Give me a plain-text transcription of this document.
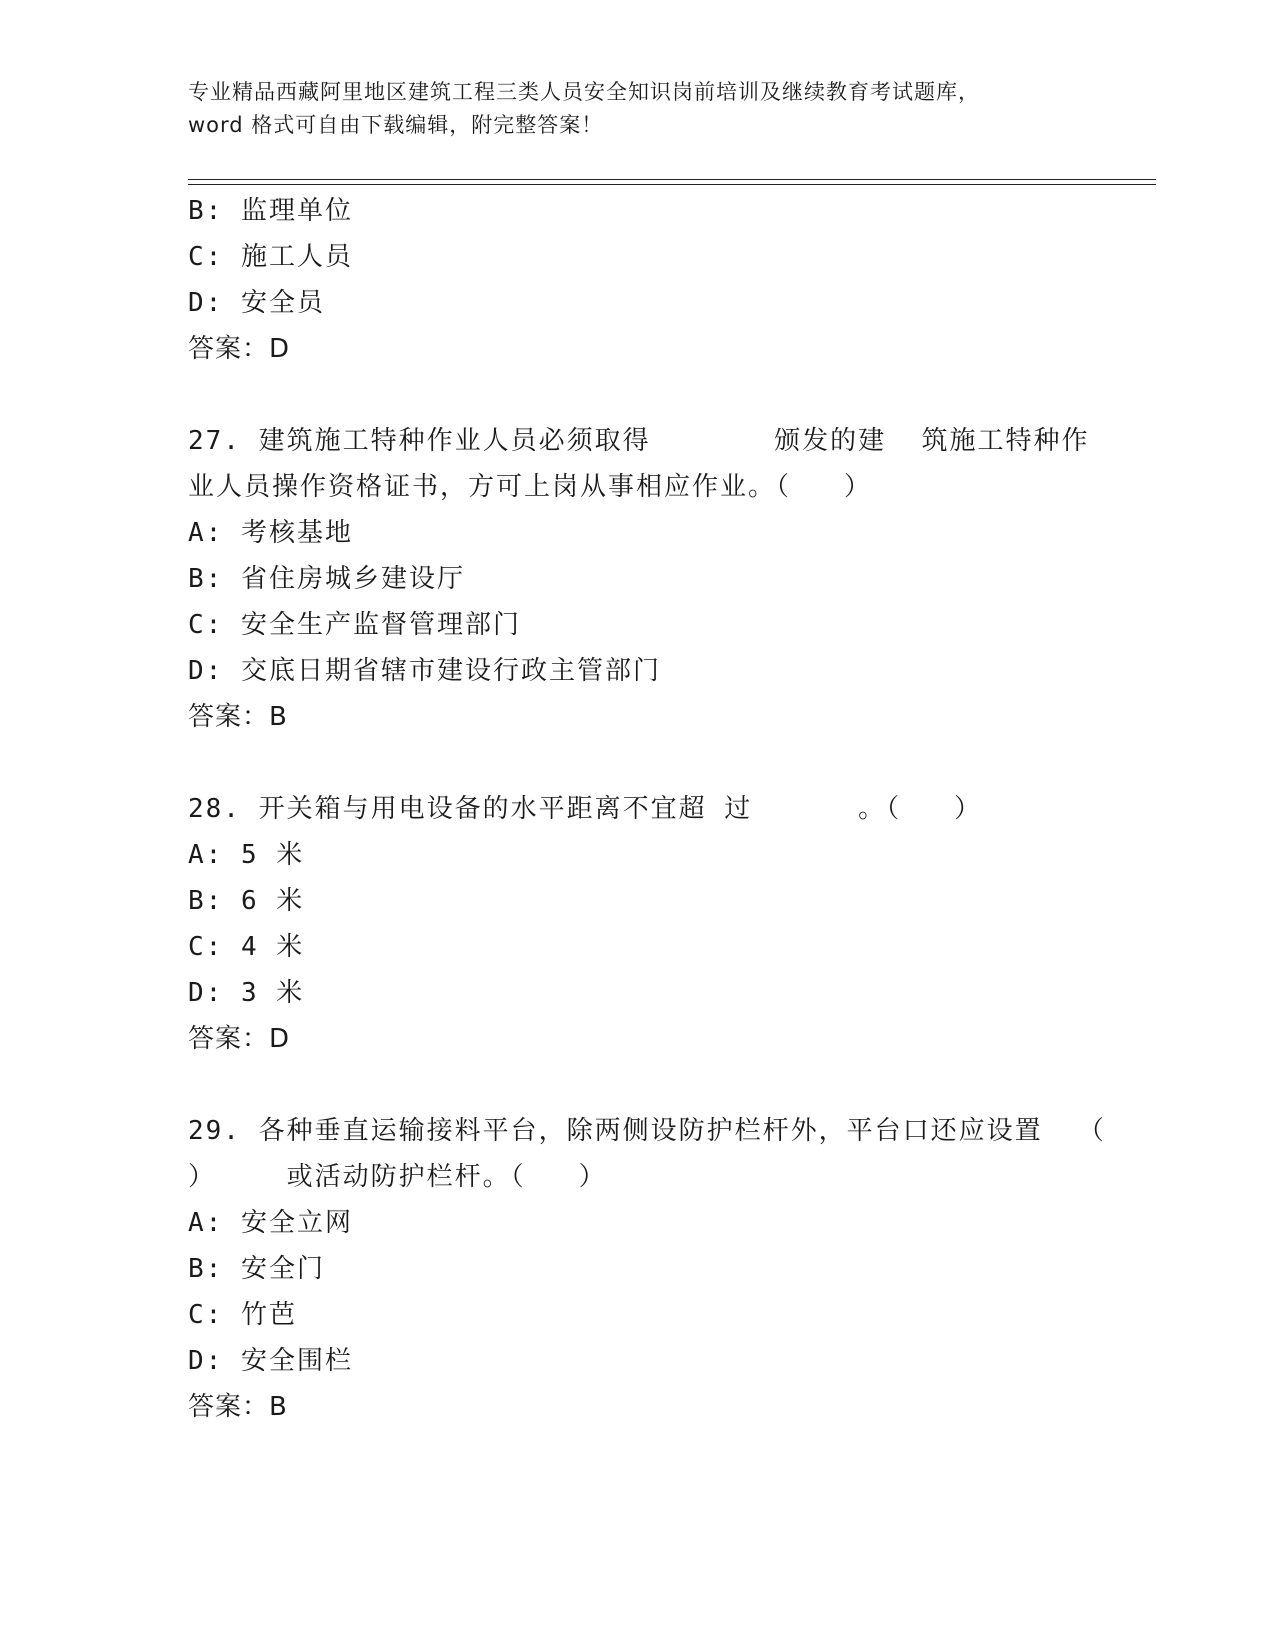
专业精品西藏阿里地区建筑工程三类人员安全知识岗前培训及继续教育考试题库，
word 格式可自由下载编辑，附完整答案！
B: 监理单位
C: 施工人员
D: 安全员
答案：D
27. 建筑施工特种作业人员必须取得       颁发的建  筑施工特种作
业人员操作资格证书，方可上岗从事相应作业。（   ）
A: 考核基地
B: 省住房城乡建设厅
C: 安全生产监督管理部门
D: 交底日期省辖市建设行政主管部门
答案：B
28. 开关箱与用电设备的水平距离不宜超 过      。（   ）
A: 5 米
B: 6 米
C: 4 米
D: 3 米
答案：D
29. 各种垂直运输接料平台，除两侧设防护栏杆外，平台口还应设置  （
）    或活动防护栏杆。（   ）
A: 安全立网
B: 安全门
C: 竹芭
D: 安全围栏
答案：B
